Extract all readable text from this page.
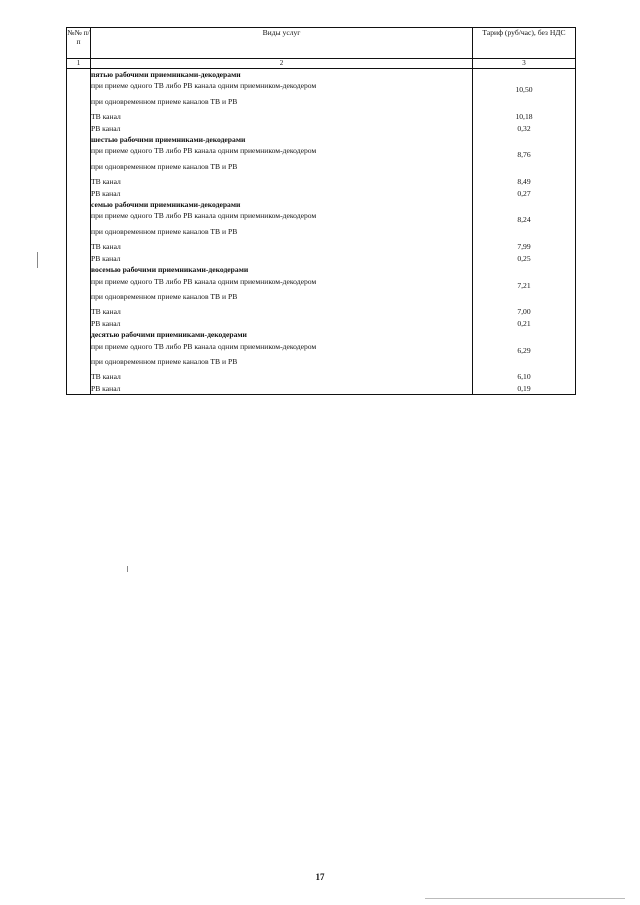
№№ п/п	Виды услуг	Тариф (руб/час), без НДС
1	2	3
	пятью рабочими приемниками-декодерами	
	при приеме одного ТВ либо РВ канала одним приемником-декодером	10,50
	при одновременном приеме каналов ТВ и РВ	
	ТВ канал	10,18
	РВ канал	0,32
	шестью рабочими приемниками-декодерами	
	при приеме одного ТВ либо РВ канала одним приемником-декодером	8,76
	при одновременном приеме каналов ТВ и РВ	
	ТВ канал	8,49
	РВ канал	0,27
	семью рабочими приемниками-декодерами	
	при приеме одного ТВ либо РВ канала одним приемником-декодером	8,24
	при одновременном приеме каналов ТВ и РВ	
	ТВ канал	7,99
	РВ канал	0,25
	восемью рабочими приемниками-декодерами	
	при приеме одного ТВ либо РВ канала одним приемником-декодером	7,21
	при одновременном приеме каналов ТВ и РВ	
	ТВ канал	7,00
	РВ канал	0,21
	десятью рабочими приемниками-декодерами	
	при приеме одного ТВ либо РВ канала одним приемником-декодером	6,29
	при одновременном приеме каналов ТВ и РВ	
	ТВ канал	6,10
	РВ канал	0,19
17
